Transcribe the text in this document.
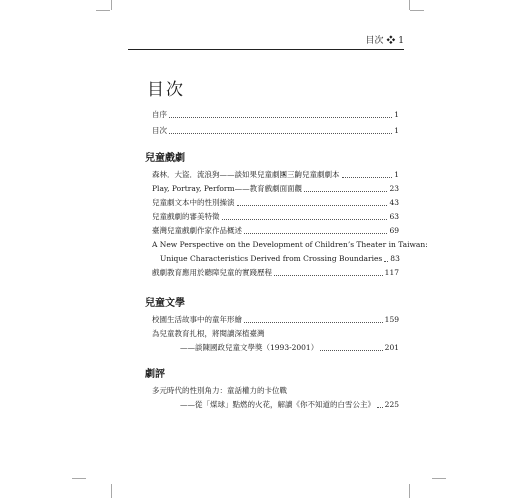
目次 ❖ 1
目次
自序	1
目次	1
兒童戲劇
森林．大盜．流浪狗——談如果兒童劇團三齣兒童劇劇本	1
Play, Portray, Perform——教育戲劇面面觀	23
兒童劇文本中的性別操演	43
兒童戲劇的審美特徵	63
臺灣兒童戲劇作家作品概述	69
A New Perspective on the Development of Children’s Theater in Taiwan:
Unique Characteristics Derived from Crossing Boundaries 83
戲劇教育應用於聽障兒童的實踐歷程	117
兒童文學
校園生活故事中的童年形繪	159
為兒童教育扎根，將閱讀深植臺灣
——談陳國政兒童文學獎（1993-2001）	201
劇評
多元時代的性別角力：童話權力的卡位戰
——從「煤球」點燃的火花，解讀《你不知道的白雪公主》 225
